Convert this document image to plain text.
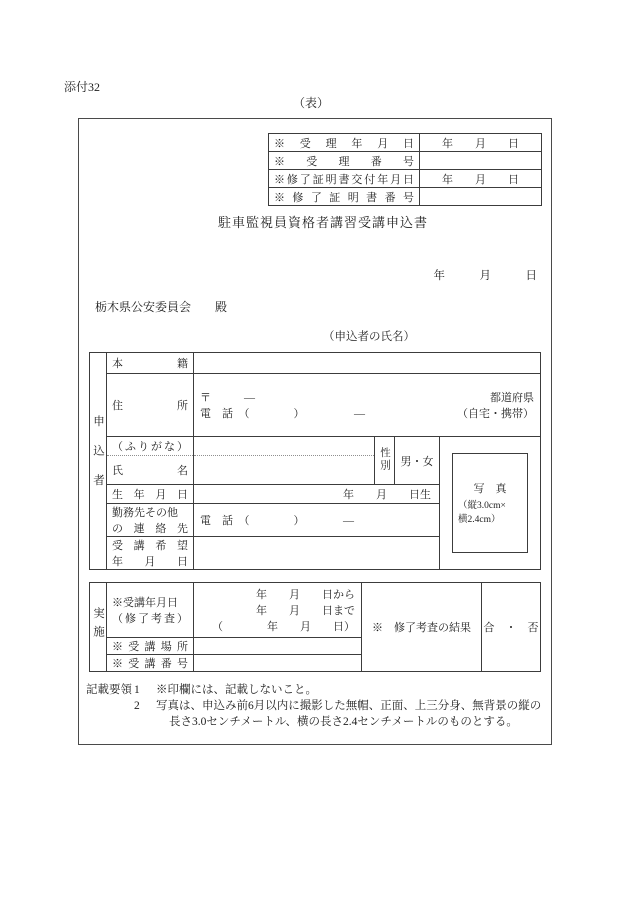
添付32
（表）
※受理年月日	年　　月　　日

※受理番号	

※修了証明書交付年月日	年　　月　　日

※修了証明書番号	

駐車監視員資格者講習受講申込書
年　　　月　　　日
栃木県公安委員会　　殿
（申込者の氏名）
申込者	本籍				

	住所	〒　　　― 都道府県
電　話　（　　　　）　　　　　― （自宅・携帯）			

（ふりがな）
氏名		性別	男・女	
写　真
（縦3.0cm×
横2.4cm）

	生年月日	年　　月　　日生			

	勤務先その他
の連絡先	電　話　（　　　　）　　　　―			

	受講希望
年月日				

実施	※受講年月日
（修了考査）	年　　月　　日から
年　　月　　日まで
（　　　　年　　月　　日）	※　修了考査の結果	合　・　否

	※受講場所			

	※受講番号			

記載要領 1	※印欄には、記載しないこと。
2	写真は、申込み前6月以内に撮影した無帽、正面、上三分身、無背景の縦の
長さ3.0センチメートル、横の長さ2.4センチメートルのものとする。
